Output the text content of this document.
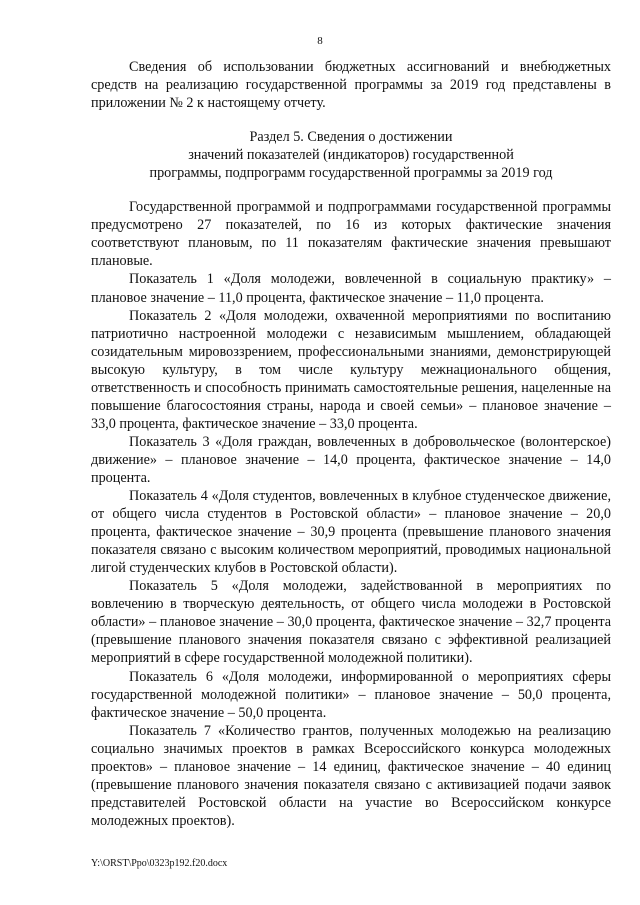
8

Сведения об использовании бюджетных ассигнований и внебюджетных средств на реализацию государственной программы за 2019 год представлены в приложении № 2 к настоящему отчету.

Раздел 5. Сведения о достижении
значений показателей (индикаторов) государственной
программы, подпрограмм государственной программы за 2019 год

Государственной программой и подпрограммами государственной программы предусмотрено 27 показателей, по 16 из которых фактические значения соответствуют плановым, по 11 показателям фактические значения превышают плановые.

Показатель 1 «Доля молодежи, вовлеченной в социальную практику» – плановое значение – 11,0 процента, фактическое значение – 11,0 процента.

Показатель 2 «Доля молодежи, охваченной мероприятиями по воспитанию патриотично настроенной молодежи с независимым мышлением, обладающей созидательным мировоззрением, профессиональными знаниями, демонстрирующей высокую культуру, в том числе культуру межнационального общения, ответственность и способность принимать самостоятельные решения, нацеленные на повышение благосостояния страны, народа и своей семьи» – плановое значение – 33,0 процента, фактическое значение – 33,0 процента.

Показатель 3 «Доля граждан, вовлеченных в добровольческое (волонтерское) движение» – плановое значение – 14,0 процента, фактическое значение – 14,0 процента.

Показатель 4 «Доля студентов, вовлеченных в клубное студенческое движение, от общего числа студентов в Ростовской области» – плановое значение – 20,0 процента, фактическое значение – 30,9 процента (превышение планового значения показателя связано с высоким количеством мероприятий, проводимых национальной лигой студенческих клубов в Ростовской области).

Показатель 5 «Доля молодежи, задействованной в мероприятиях по вовлечению в творческую деятельность, от общего числа молодежи в Ростовской области» – плановое значение – 30,0 процента, фактическое значение – 32,7 процента (превышение планового значения показателя связано с эффективной реализацией мероприятий в сфере государственной молодежной политики).

Показатель 6 «Доля молодежи, информированной о мероприятиях сферы государственной молодежной политики» – плановое значение – 50,0 процента, фактическое значение – 50,0 процента.

Показатель 7 «Количество грантов, полученных молодежью на реализацию социально значимых проектов в рамках Всероссийского конкурса молодежных проектов» – плановое значение – 14 единиц, фактическое значение – 40 единиц (превышение планового значения показателя связано с активизацией подачи заявок представителей Ростовской области на участие во Всероссийском конкурсе молодежных проектов).

Y:\ORST\Ppo\0323p192.f20.docx
